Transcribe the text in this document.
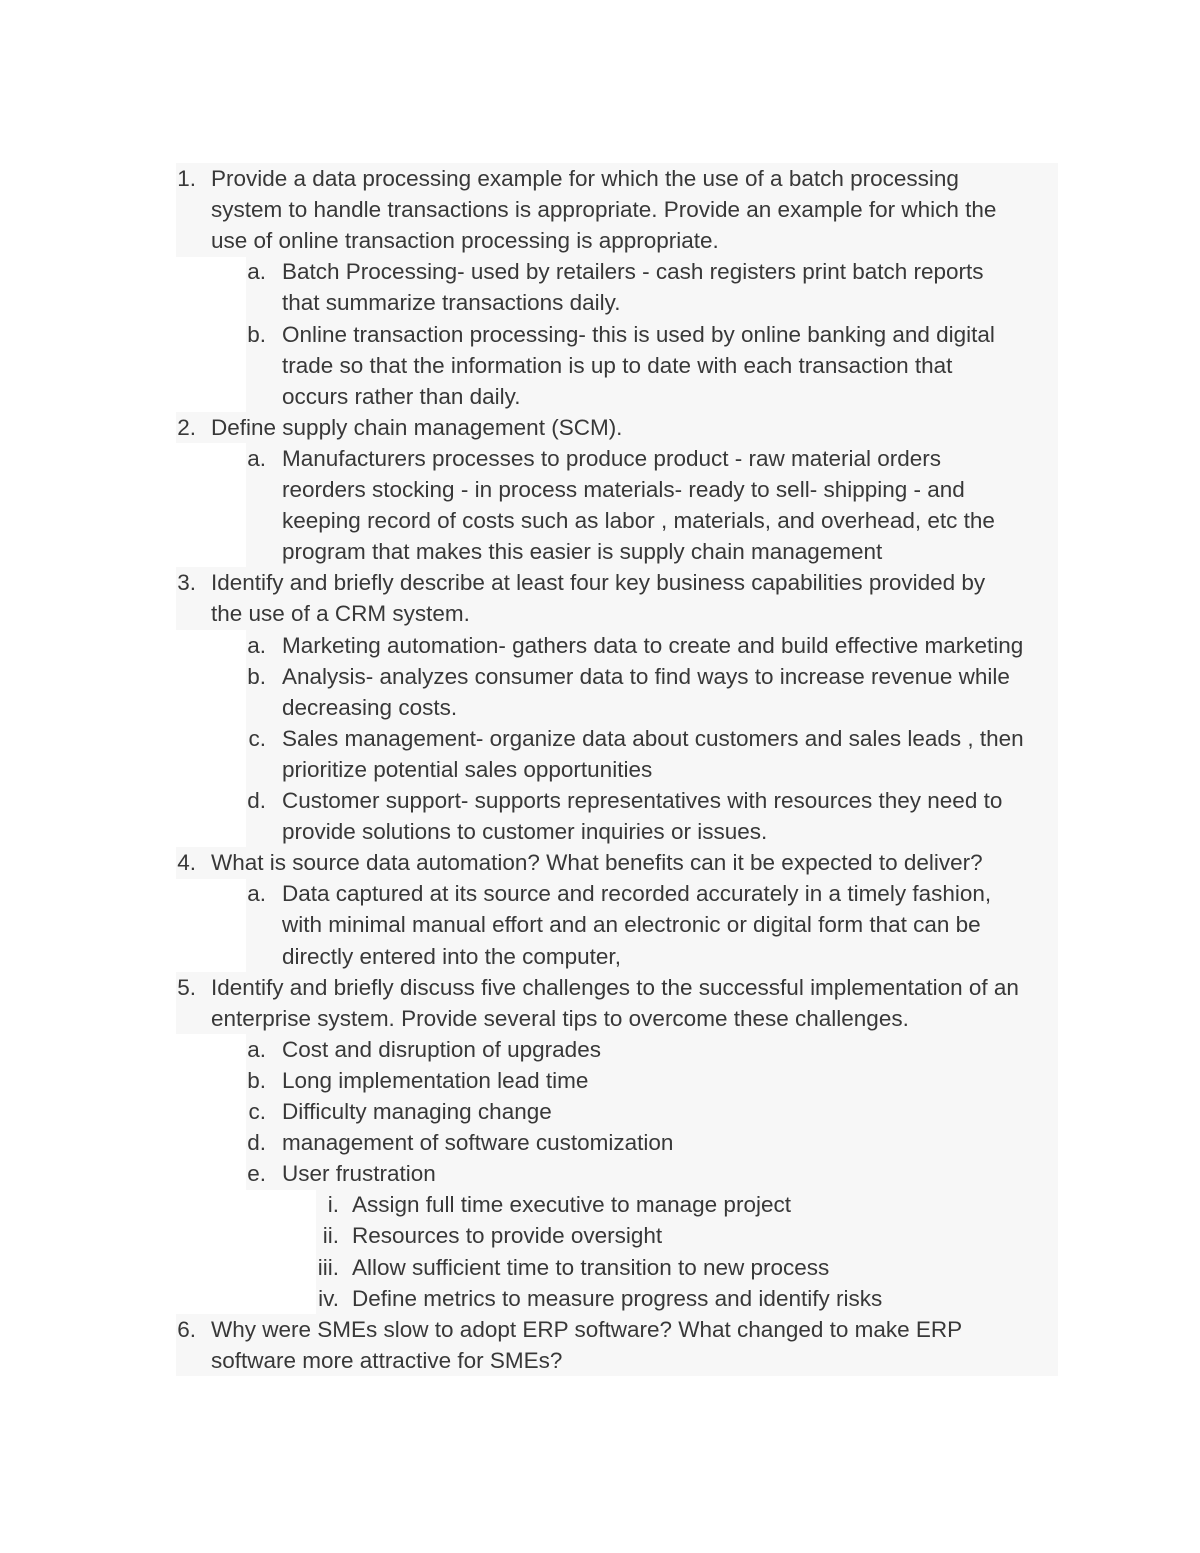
1. Provide a data processing example for which the use of a batch processing
system to handle transactions is appropriate. Provide an example for which the
use of online transaction processing is appropriate.
a. Batch Processing- used by retailers - cash registers print batch reports
that summarize transactions daily.
b. Online transaction processing- this is used by online banking and digital
trade so that the information is up to date with each transaction that
occurs rather than daily.
2. Define supply chain management (SCM).
a. Manufacturers processes to produce product - raw material orders
reorders stocking - in process materials- ready to sell- shipping - and
keeping record of costs such as labor , materials, and overhead, etc the
program that makes this easier is supply chain management
3. Identify and briefly describe at least four key business capabilities provided by
the use of a CRM system.
a. Marketing automation- gathers data to create and build effective marketing
b. Analysis- analyzes consumer data to find ways to increase revenue while
decreasing costs.
c. Sales management- organize data about customers and sales leads , then
prioritize potential sales opportunities
d. Customer support- supports representatives with resources they need to
provide solutions to customer inquiries or issues.
4. What is source data automation? What benefits can it be expected to deliver?
a. Data captured at its source and recorded accurately in a timely fashion,
with minimal manual effort and an electronic or digital form that can be
directly entered into the computer,
5. Identify and briefly discuss five challenges to the successful implementation of an
enterprise system. Provide several tips to overcome these challenges.
a. Cost and disruption of upgrades
b. Long implementation lead time
c. Difficulty managing change
d. management of software customization
e. User frustration
i. Assign full time executive to manage project
ii. Resources to provide oversight
iii. Allow sufficient time to transition to new process
iv. Define metrics to measure progress and identify risks
6. Why were SMEs slow to adopt ERP software? What changed to make ERP
software more attractive for SMEs?
